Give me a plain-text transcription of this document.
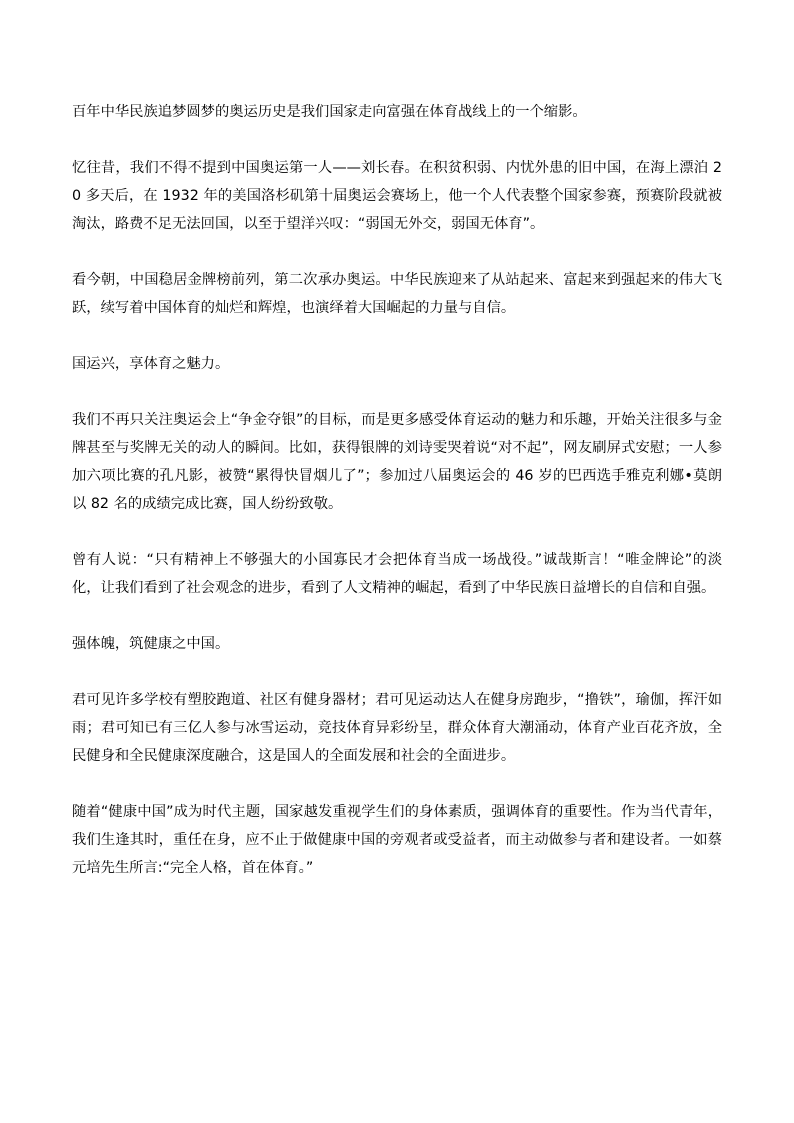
百年中华民族追梦圆梦的奥运历史是我们国家走向富强在体育战线上的一个缩影。

忆往昔，我们不得不提到中国奥运第一人——刘长春。在积贫积弱、内忧外患的旧中国，在海上漂泊 20 多天后，在 1932 年的美国洛杉矶第十届奥运会赛场上，他一个人代表整个国家参赛，预赛阶段就被淘汰，路费不足无法回国，以至于望洋兴叹：“弱国无外交，弱国无体育”。

看今朝，中国稳居金牌榜前列，第二次承办奥运。中华民族迎来了从站起来、富起来到强起来的伟大飞跃，续写着中国体育的灿烂和辉煌，也演绎着大国崛起的力量与自信。

国运兴，享体育之魅力。

我们不再只关注奥运会上“争金夺银”的目标，而是更多感受体育运动的魅力和乐趣，开始关注很多与金牌甚至与奖牌无关的动人的瞬间。比如，获得银牌的刘诗雯哭着说“对不起”，网友刷屏式安慰；一人参加六项比赛的孔凡影，被赞“累得快冒烟儿了”；参加过八届奥运会的 46 岁的巴西选手雅克利娜•莫朗以 82 名的成绩完成比赛，国人纷纷致敬。

曾有人说：“只有精神上不够强大的小国寡民才会把体育当成一场战役。”诚哉斯言！“唯金牌论”的淡化，让我们看到了社会观念的进步，看到了人文精神的崛起，看到了中华民族日益增长的自信和自强。

强体魄，筑健康之中国。

君可见许多学校有塑胶跑道、社区有健身器材；君可见运动达人在健身房跑步，“撸铁”，瑜伽，挥汗如雨；君可知已有三亿人参与冰雪运动，竞技体育异彩纷呈，群众体育大潮涌动，体育产业百花齐放，全民健身和全民健康深度融合，这是国人的全面发展和社会的全面进步。

随着“健康中国”成为时代主题，国家越发重视学生们的身体素质，强调体育的重要性。作为当代青年，我们生逢其时，重任在身，应不止于做健康中国的旁观者或受益者，而主动做参与者和建设者。一如蔡元培先生所言:“完全人格，首在体育。”
